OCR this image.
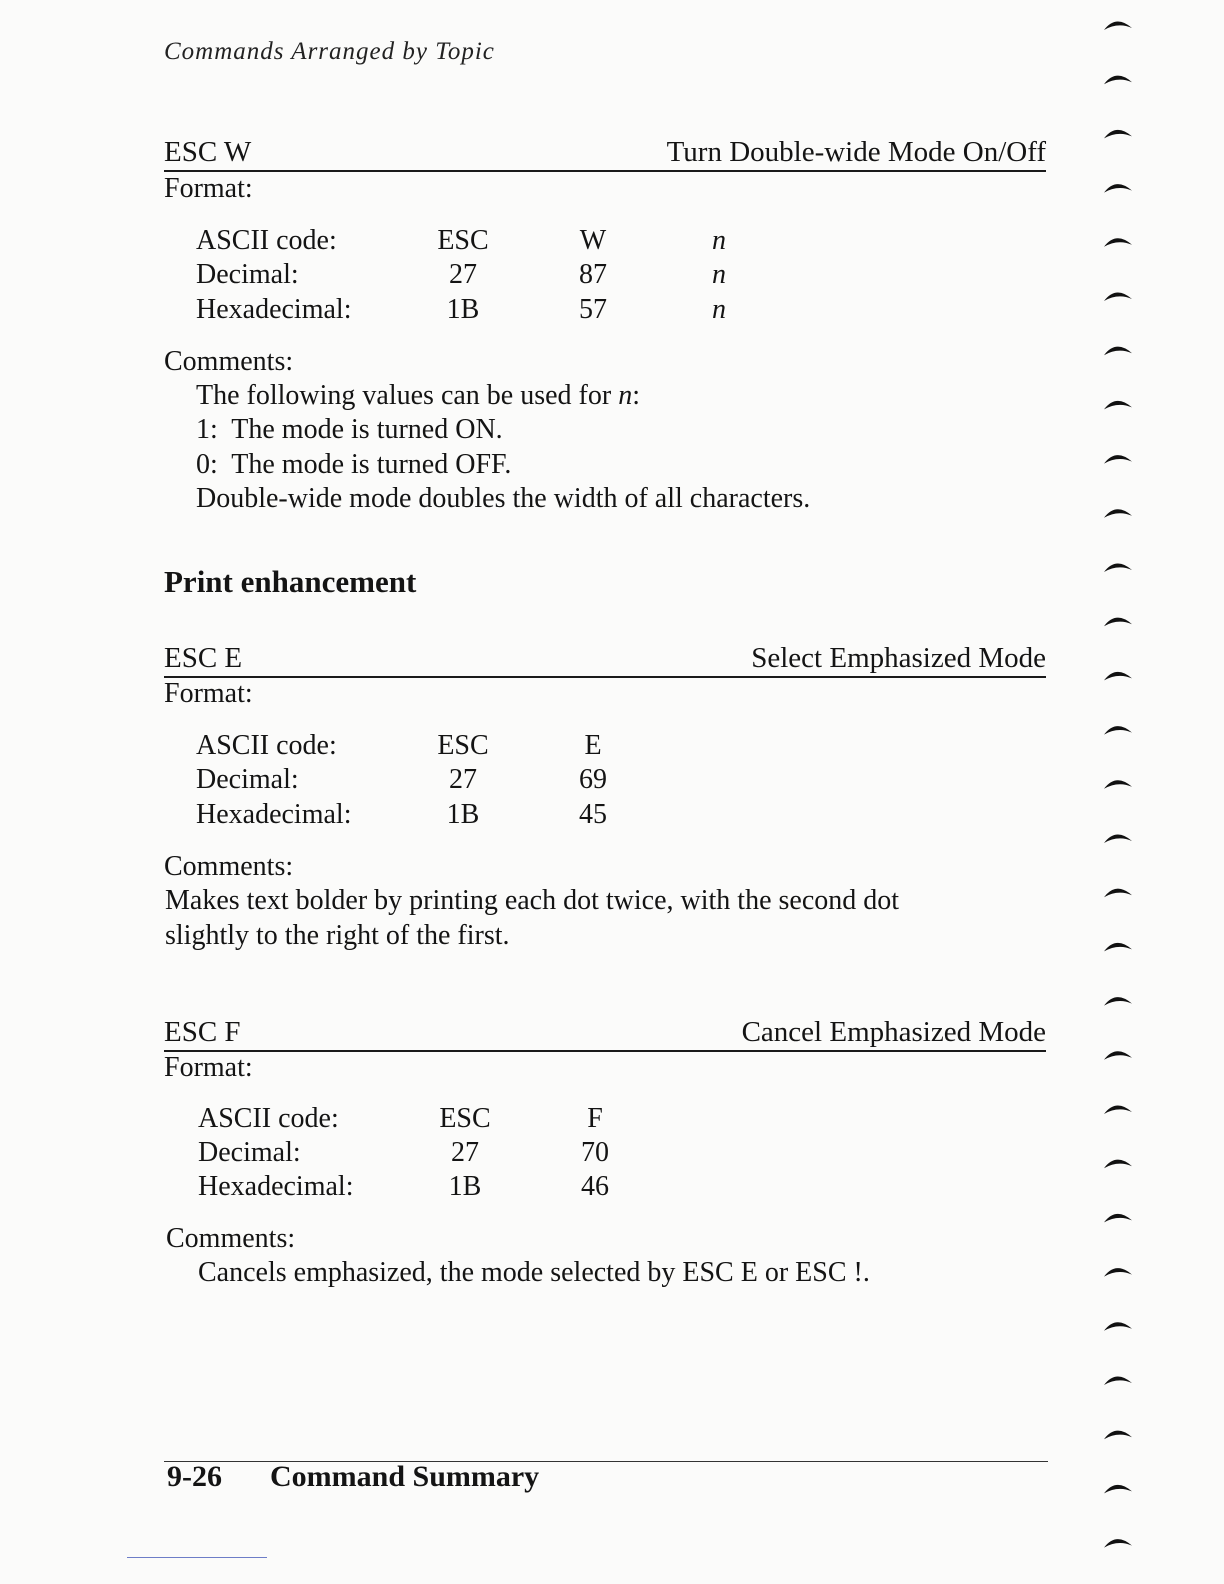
Commands Arranged by Topic
ESC W	Turn Double-wide Mode On/Off
Format:
ASCII code:	ESC	W	n
Decimal:	27	87	n
Hexadecimal:	1B	57	n
Comments:
The following values can be used for n:
1:  The mode is turned ON.
0:  The mode is turned OFF.
Double-wide mode doubles the width of all characters.
Print enhancement
ESC E	Select Emphasized Mode
Format:
ASCII code:	ESC	E
Decimal:	27	69
Hexadecimal:	1B	45
Comments:
Makes text bolder by printing each dot twice, with the second dot
slightly to the right of the first.
ESC F	Cancel Emphasized Mode
Format:
ASCII code:	ESC	F
Decimal:	27	70
Hexadecimal:	1B	46
Comments:
Cancels emphasized, the mode selected by ESC E or ESC !.
9-26 Command Summary
